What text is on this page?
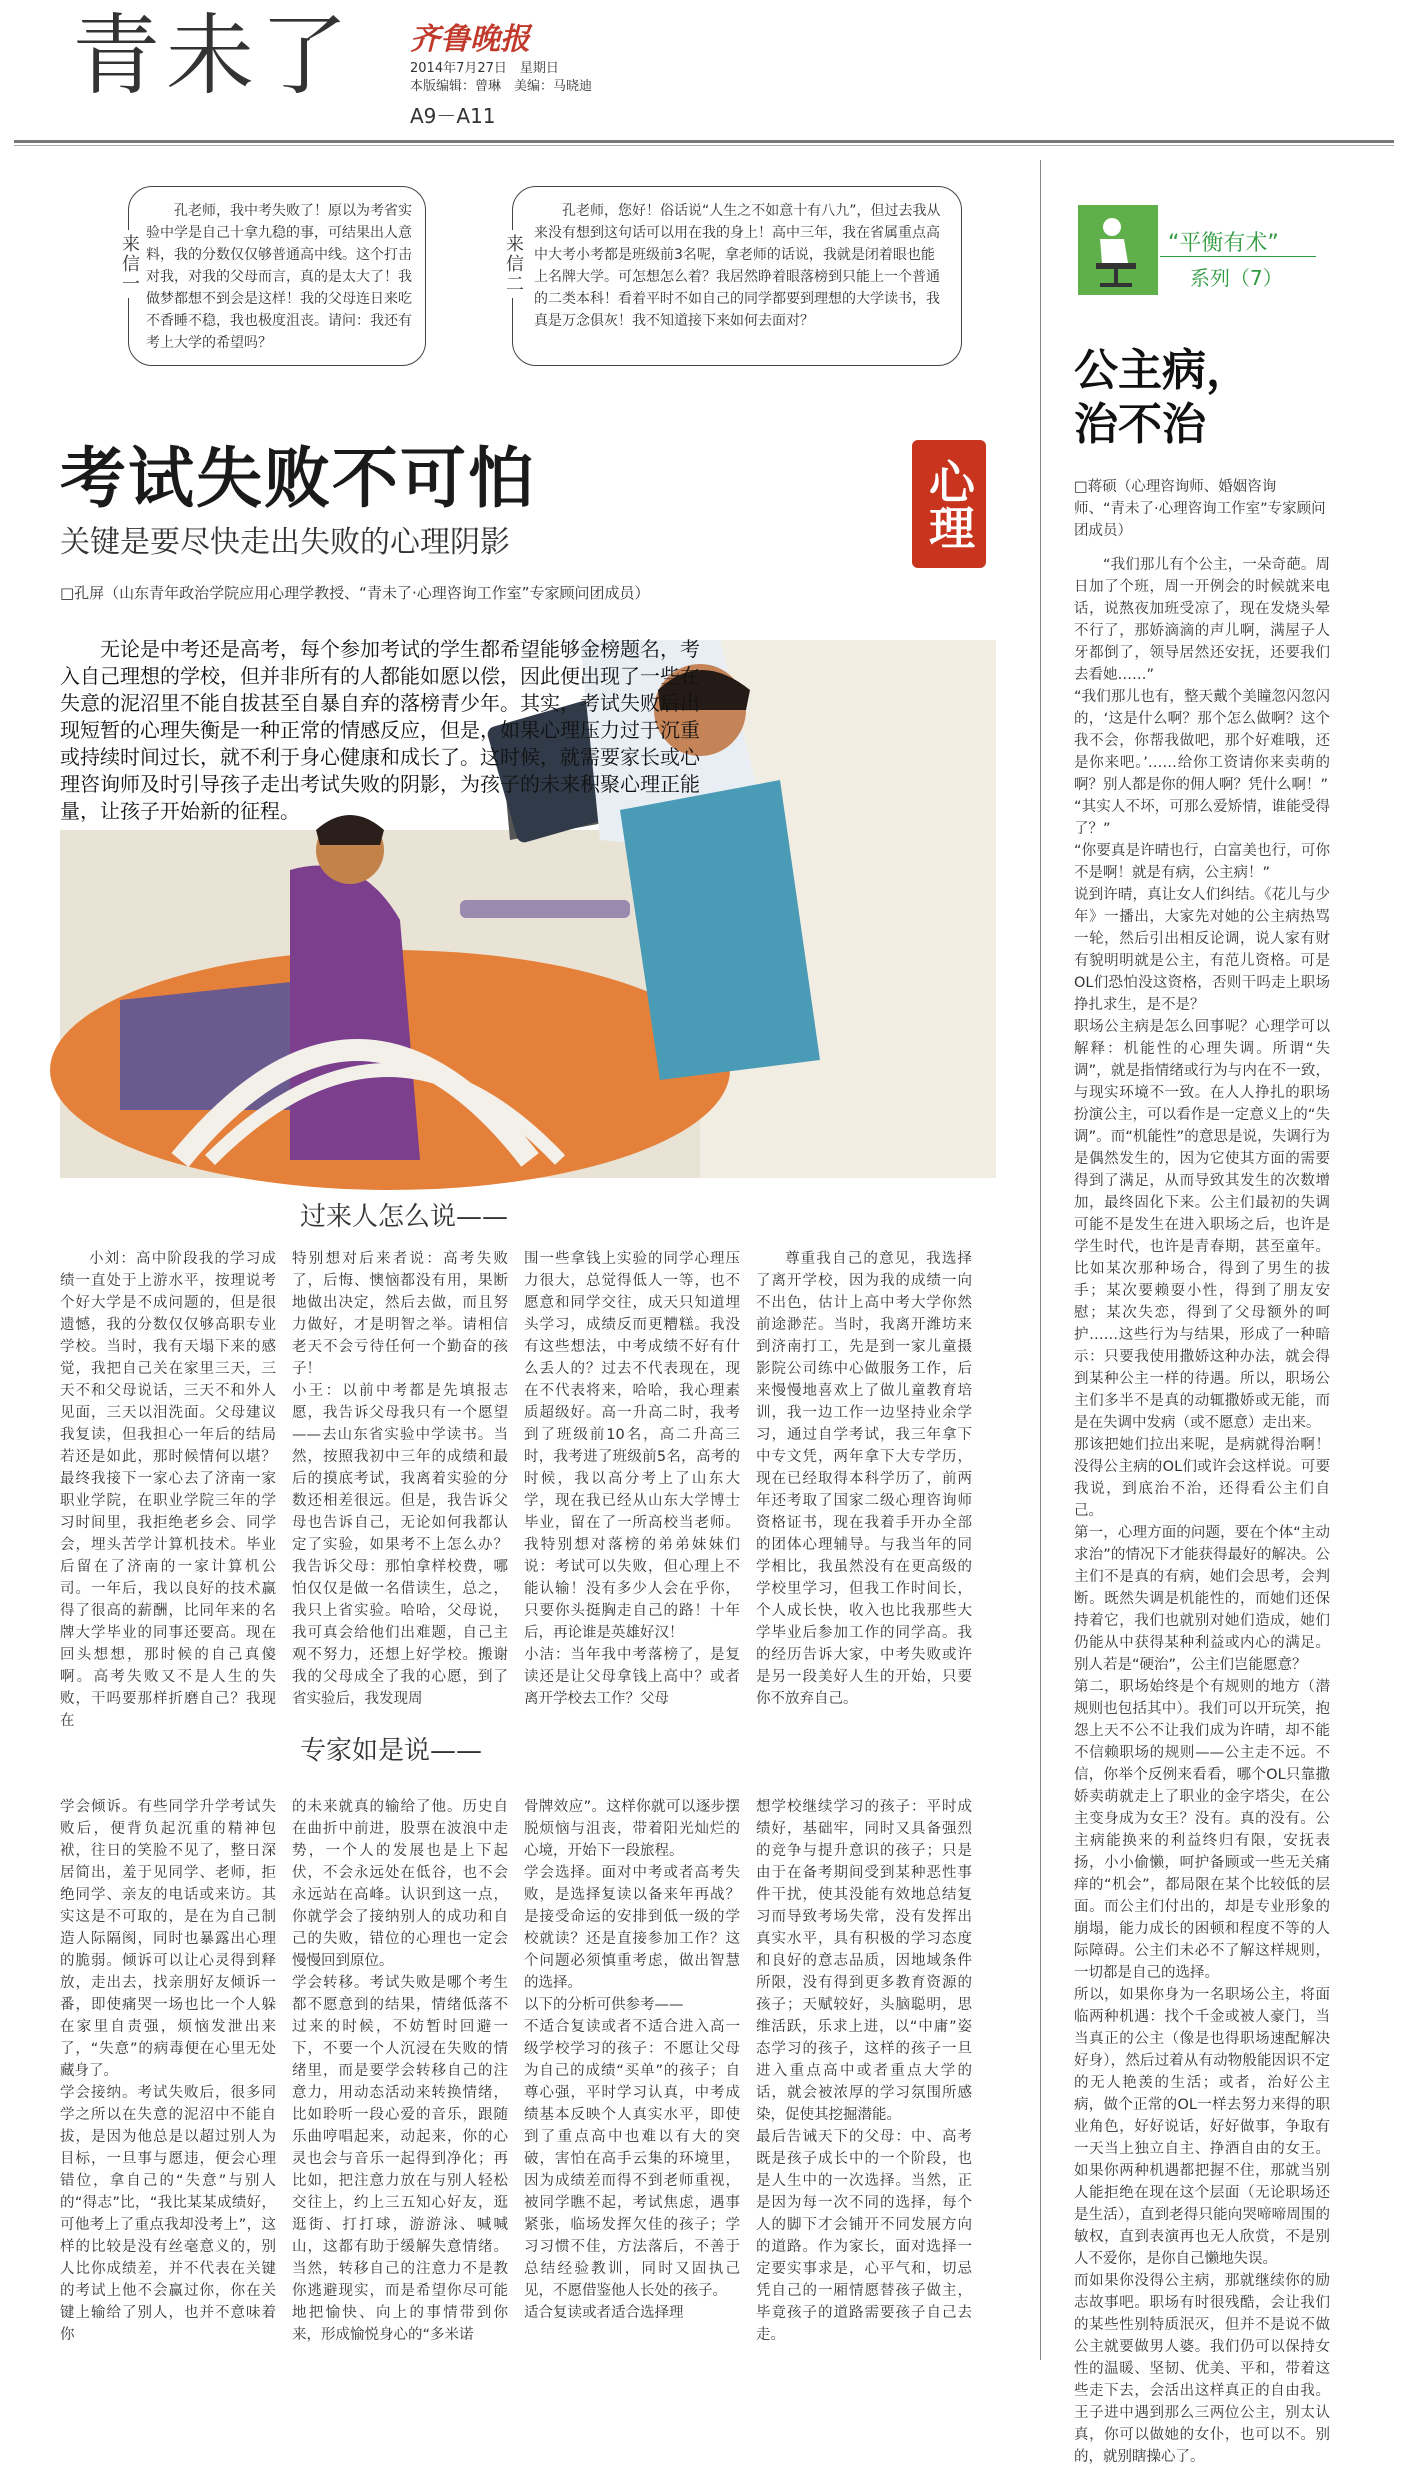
青未了 齐鲁晚报
2014年7月27日　星期日
本版编辑：曾琳　美编：马晓迪
A9－A11
来信一
孔老师，我中考失败了！原以为考省实验中学是自己十拿九稳的事，可结果出人意料，我的分数仅仅够普通高中线。这个打击对我，对我的父母而言，真的是太大了！我做梦都想不到会是这样！我的父母连日来吃不香睡不稳，我也极度沮丧。请问：我还有考上大学的希望吗？
来信二
孔老师，您好！俗话说“人生之不如意十有八九”，但过去我从来没有想到这句话可以用在我的身上！高中三年，我在省属重点高中大考小考都是班级前3名呢，拿老师的话说，我就是闭着眼也能上名牌大学。可怎想怎么着？我居然睁着眼落榜到只能上一个普通的二类本科！看着平时不如自己的同学都要到理想的大学读书，我真是万念俱灰！我不知道接下来如何去面对？
考试失败不可怕
关键是要尽快走出失败的心理阴影	心理
□孔屏（山东青年政治学院应用心理学教授、“青未了·心理咨询工作室”专家顾问团成员）
无论是中考还是高考，每个参加考试的学生都希望能够金榜题名，考入自己理想的学校，但并非所有的人都能如愿以偿，因此便出现了一些在失意的泥沼里不能自拔甚至自暴自弃的落榜青少年。其实，考试失败后出现短暂的心理失衡是一种正常的情感反应，但是，如果心理压力过于沉重或持续时间过长，就不利于身心健康和成长了。这时候，就需要家长或心理咨询师及时引导孩子走出考试失败的阴影，为孩子的未来积聚心理正能量，让孩子开始新的征程。
过来人怎么说——

小刘：高中阶段我的学习成绩一直处于上游水平，按理说考个好大学是不成问题的，但是很遗憾，我的分数仅仅够高职专业学校。当时，我有天塌下来的感觉，我把自己关在家里三天，三天不和父母说话，三天不和外人见面，三天以泪洗面。父母建议我复读，但我担心一年后的结局若还是如此，那时候情何以堪？最终我接下一家心去了济南一家职业学院，在职业学院三年的学习时间里，我拒绝老乡会、同学会，埋头苦学计算机技术。毕业后留在了济南的一家计算机公司。一年后，我以良好的技术赢得了很高的薪酬，比同年来的名牌大学毕业的同事还要高。现在回头想想，那时候的自己真傻啊。高考失败又不是人生的失败，干吗要那样折磨自己？我现在

特别想对后来者说：高考失败了，后悔、懊恼都没有用，果断地做出决定，然后去做，而且努力做好，才是明智之举。请相信老天不会亏待任何一个勤奋的孩子！
小王：以前中考都是先填报志愿，我告诉父母我只有一个愿望——去山东省实验中学读书。当然，按照我初中三年的成绩和最后的摸底考试，我离着实验的分数还相差很远。但是，我告诉父母也告诉自己，无论如何我都认定了实验，如果考不上怎么办？我告诉父母：那怕拿样校费，哪怕仅仅是做一名借读生，总之，我只上省实验。哈哈，父母说，我可真会给他们出难题，自己主观不努力，还想上好学校。搬谢我的父母成全了我的心愿，到了省实验后，我发现周
围一些拿钱上实验的同学心理压力很大，总觉得低人一等，也不愿意和同学交往，成天只知道埋头学习，成绩反而更糟糕。我没有这些想法，中考成绩不好有什么丢人的？过去不代表现在，现在不代表将来，哈哈，我心理素质超级好。高一升高二时，我考到了班级前10名，高二升高三时，我考进了班级前5名，高考的时候，我以高分考上了山东大学，现在我已经从山东大学博士毕业，留在了一所高校当老师。我特别想对落榜的弟弟妹妹们说：考试可以失败，但心理上不能认输！没有多少人会在乎你，只要你头挺胸走自己的路！十年后，再论谁是英雄好汉！
小洁：当年我中考落榜了，是复读还是让父母拿钱上高中？或者离开学校去工作？父母

尊重我自己的意见，我选择了离开学校，因为我的成绩一向不出色，估计上高中考大学你然前途渺茫。当时，我离开潍坊来到济南打工，先是到一家儿童摄影院公司练中心做服务工作，后来慢慢地喜欢上了做儿童教育培训，我一边工作一边坚持业余学习，通过自学考试，我三年拿下中专文凭，两年拿下大专学历，现在已经取得本科学历了，前两年还考取了国家二级心理咨询师资格证书，现在我着手开办全部的团体心理辅导。与我当年的同学相比，我虽然没有在更高级的学校里学习，但我工作时间长，个人成长快，收入也比我那些大学毕业后参加工作的同学高。我的经历告诉大家，中考失败或许是另一段美好人生的开始，只要你不放弃自己。

专家如是说——
学会倾诉。有些同学升学考试失败后，便背负起沉重的精神包袱，往日的笑脸不见了，整日深居简出，羞于见同学、老师，拒绝同学、亲友的电话或来访。其实这是不可取的，是在为自己制造人际隔阂，同时也暴露出心理的脆弱。倾诉可以让心灵得到释放，走出去，找亲朋好友倾诉一番，即使痛哭一场也比一个人躲在家里自责强，烦恼发泄出来了，“失意”的病毒便在心里无处藏身了。
学会接纳。考试失败后，很多同学之所以在失意的泥沼中不能自拔，是因为他总是以超过别人为目标，一旦事与愿违，便会心理错位，拿自己的“失意”与别人的“得志”比，“我比某某成绩好，可他考上了重点我却没考上”，这样的比较是没有丝毫意义的，别人比你成绩差，并不代表在关键的考试上他不会赢过你，你在关键上输给了别人，也并不意味着你
的未来就真的输给了他。历史自在曲折中前进，股票在波浪中走势，一个人的发展也是上下起伏，不会永远处在低谷，也不会永远站在高峰。认识到这一点，你就学会了接纳别人的成功和自己的失败，错位的心理也一定会慢慢回到原位。
学会转移。考试失败是哪个考生都不愿意到的结果，情绪低落不过来的时候，不妨暂时回避一下，不要一个人沉浸在失败的情绪里，而是要学会转移自己的注意力，用动态活动来转换情绪，比如聆听一段心爱的音乐，跟随乐曲哼唱起来，动起来，你的心灵也会与音乐一起得到净化；再比如，把注意力放在与别人轻松交往上，约上三五知心好友，逛逛街、打打球，游游泳、喊喊山，这都有助于缓解失意情绪。当然，转移自己的注意力不是教你逃避现实，而是希望你尽可能地把愉快、向上的事情带到你来，形成愉悦身心的“多米诺
骨牌效应”。这样你就可以逐步摆脱烦恼与沮丧，带着阳光灿烂的心境，开始下一段旅程。
学会选择。面对中考或者高考失败，是选择复读以备来年再战？是接受命运的安排到低一级的学校就读？还是直接参加工作？这个问题必须慎重考虑，做出智慧的选择。
以下的分析可供参考——
不适合复读或者不适合进入高一级学校学习的孩子：不愿让父母为自己的成绩“买单”的孩子；自尊心强，平时学习认真，中考成绩基本反映个人真实水平，即使到了重点高中也难以有大的突破，害怕在高手云集的环境里，因为成绩差而得不到老师重视，被同学瞧不起，考试焦虑，遇事紧张，临场发挥欠佳的孩子；学习习惯不佳，方法落后，不善于总结经验教训，同时又固执己见，不愿借鉴他人长处的孩子。
适合复读或者适合选择理
想学校继续学习的孩子：平时成绩好，基础牢，同时又具备强烈的竞争与提升意识的孩子；只是由于在备考期间受到某种恶性事件干扰，使其没能有效地总结复习而导致考场失常，没有发挥出真实水平，具有积极的学习态度和良好的意志品质，因地域条件所限，没有得到更多教育资源的孩子；天赋较好，头脑聪明，思维活跃，乐求上进，以“中庸”姿态学习的孩子，这样的孩子一旦进入重点高中或者重点大学的话，就会被浓厚的学习氛围所感染，促使其挖掘潜能。
最后告诫天下的父母：中、高考既是孩子成长中的一个阶段，也是人生中的一次选择。当然，正是因为每一次不同的选择，每个人的脚下才会铺开不同发展方向的道路。作为家长，面对选择一定要实事求是，心平气和，切忌凭自己的一厢情愿替孩子做主，毕竟孩子的道路需要孩子自己去走。
“平衡有术”
系列（7）
公主病，
治不治
□蒋硕（心理咨询师、婚姻咨询师、“青未了·心理咨询工作室”专家顾问团成员）
“我们那儿有个公主，一朵奇葩。周日加了个班，周一开例会的时候就来电话，说熬夜加班受凉了，现在发烧头晕不行了，那娇滴滴的声儿啊，满屋子人牙都倒了，领导居然还安抚，还要我们去看她……”
“我们那儿也有，整天戴个美瞳忽闪忽闪的，‘这是什么啊？那个怎么做啊？这个我不会，你帮我做吧，那个好难哦，还是你来吧。’……给你工资请你来卖萌的啊？别人都是你的佣人啊？凭什么啊！”
“其实人不坏，可那么爱矫情，谁能受得了？”
“你要真是许晴也行，白富美也行，可你不是啊！就是有病，公主病！”
说到许晴，真让女人们纠结。《花儿与少年》一播出，大家先对她的公主病热骂一轮，然后引出相反论调，说人家有财有貌明明就是公主，有范儿资格。可是OL们恐怕没这资格，否则干吗走上职场挣扎求生，是不是？
职场公主病是怎么回事呢？心理学可以解释：机能性的心理失调。所谓“失调”，就是指情绪或行为与内在不一致，与现实环境不一致。在人人挣扎的职场扮演公主，可以看作是一定意义上的“失调”。而“机能性”的意思是说，失调行为是偶然发生的，因为它使其方面的需要得到了满足，从而导致其发生的次数增加，最终固化下来。公主们最初的失调可能不是发生在进入职场之后，也许是学生时代，也许是青春期，甚至童年。比如某次那种场合，得到了男生的拔手；某次要赖耍小性，得到了朋友安慰；某次失恋，得到了父母额外的呵护……这些行为与结果，形成了一种暗示：只要我使用撒娇这种办法，就会得到某种公主一样的待遇。所以，职场公主们多半不是真的动辄撒娇或无能，而是在失调中发病（或不愿意）走出来。
那该把她们拉出来呢，是病就得治啊！没得公主病的OL们或许会这样说。可要我说，到底治不治，还得看公主们自己。
第一，心理方面的问题，要在个体“主动求治”的情况下才能获得最好的解决。公主们不是真的有病，她们会思考，会判断。既然失调是机能性的，而她们还保持着它，我们也就别对她们造成，她们仍能从中获得某种利益或内心的满足。别人若是“硬治”，公主们岂能愿意？
第二，职场始终是个有规则的地方（潜规则也包括其中）。我们可以开玩笑，抱怨上天不公不让我们成为许晴，却不能不信赖职场的规则——公主走不远。不信，你举个反例来看看，哪个OL只靠撒娇卖萌就走上了职业的金字塔尖，在公主变身成为女王？没有。真的没有。公主病能换来的利益终归有限，安抚表扬，小小偷懒，呵护备顾或一些无关痛痒的“机会”，都局限在某个比较低的层面。而公主们付出的，却是专业形象的崩塌，能力成长的困顿和程度不等的人际障碍。公主们未必不了解这样规则，一切都是自己的选择。
所以，如果你身为一名职场公主，将面临两种机遇：找个千金或被人豪门，当当真正的公主（像是也得职场速配解决好身），然后过着从有动物般能因识不定的无人艳羡的生活；或者，治好公主病，做个正常的OL一样去努力来得的职业角色，好好说话，好好做事，争取有一天当上独立自主、挣酒自由的女王。如果你两种机遇都把握不住，那就当别人能拒绝在现在这个层面（无论职场还是生活），直到老得只能向哭啼啼周围的敏权，直到表演再也无人欣赏，不是别人不爱你，是你自己懒地失误。
而如果你没得公主病，那就继续你的励志故事吧。职场有时很残酷，会让我们的某些性别特质泯灭，但并不是说不做公主就要做男人婆。我们仍可以保持女性的温暖、坚韧、优美、平和，带着这些走下去，会活出这样真正的自由我。王子进中遇到那么三两位公主，别太认真，你可以做她的女仆，也可以不。别的，就别瞎操心了。
